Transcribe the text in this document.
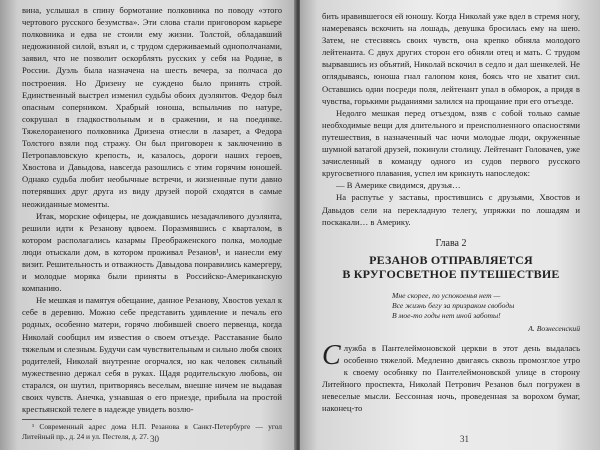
вина, услышал в спину бормотание полковника по поводу «этого чертового русского безумства». Эти слова стали приговором карьере полковника и едва не стоили ему жизни. Толстой, обладавший недюжинной силой, взъял и, с трудом сдерживаемый однополчанами, заявил, что не позволит оскорблять русских у себя на Родине, в России. Дуэль была назначена на шесть вечера, за полчаса до построения. Но Дризену не суждено было принять строй. Единственный выстрел изменил судьбы обоих дуэлянтов. Федор был опасным соперником. Храбрый юноша, вспыльчив по натуре, сокрушал в гладкоствольным и в сражении, и на поединке. Тяжелораненого полковника Дризена отнесли в лазарет, а Федора Толстого взяли под стражу. Он был приговорен к заключению в Петропавловскую крепость, и, казалось, дороги наших героев, Хвостова и Давыдова, навсегда разошлись с этим горячим юношей. Однако судьба любит необычные встречи, и жизненные пути давно потерявших друг друга из виду друзей порой сходятся в самые неожиданные моменты.

Итак, морские офицеры, не дождавшись незадачливого дуэлянта, решили идти к Резанову вдвоем. Поразмявшись с кварталом, в котором располагались казармы Преображенского полка, молодые люди отыскали дом, в котором проживал Резанов¹, и нанесли ему визит. Решительность и отважность Давыдова понравились камергеру, и молодые моряка были приняты в Российско-Американскую компанию.

Не мешкая и памятуя обещание, данное Резанову, Хвостов уехал к себе в деревню. Можно себе представить удивление и печаль его родных, особенно матери, горячо любившей своего первенца, когда Николай сообщил им известия о своем отъезде. Расставание было тяжелым и слезным. Будучи сам чувствительным и сильно любя своих родителей, Николай внутренне огорчался, но как человек сильный мужественно держал себя в руках. Щадя родительскую любовь, он старался, он шутил, притворяясь веселым, внешне ничем не выдавая своих чувств. Анечка, узнавшая о его приезде, прибыла на простой крестьянской телеге в надежде увидеть возлю-

¹ Современный адрес дома Н.П. Резанова в Санкт-Петербурге — угол Литейный пр., д. 24 и ул. Пестеля, д. 27. 30

бить нравившегося ей юношу. Когда Николай уже вдел в стремя ногу, намереваясь вскочить на лошадь, девушка бросилась ему на шею. Затем, не стесняясь своих чувств, она крепко обняла молодого лейтенанта. С двух других сторон его обняли отец и мать. С трудом вырвавшись из объятий, Николай вскочил в седло и дал шенкелей. Не оглядываясь, юноша гнал галопом коня, боясь что не хватит сил. Оставшись одни посреди поля, лейтенант упал в обморок, а придя в чувства, горькими рыданиями залился на прощание при его отъезде.

Недолго мешкая перед отъездом, взяв с собой только самые необходимые вещи для длительного и преисполненного опасностями путешествия, в назначенный час ночи молодые люди, окруженные шумной ватагой друзей, покинули столицу. Лейтенант Головачев, уже зачисленный в команду одного из судов первого русского кругосветного плавания, успел им крикнуть напоследок:

— В Америке свидимся, друзья…

На распутье у заставы, простившись с друзьями, Хвостов и Давыдов сели на перекладную телегу, упряжки по лошадям и поскакали… в Америку.

Глава 2
РЕЗАНОВ ОТПРАВЛЯЕТСЯ
В КРУГОСВЕТНОЕ ПУТЕШЕСТВИЕ
Мне скорее, по успокоенья нет —
Все жизнь бегу за призраком свободы
В мое-то годы нет иной заботы!
А. Вознесенский

Служба в Пантелеймоновской церкви в этот день выдалась особенно тяжелой. Медленно двигаясь сквозь промозглое утро к своему особняку по Пантелеймоновской улице в сторону Литейного проспекта, Николай Петрович Резанов был погружен в невеселые мысли. Бессонная ночь, проведенная за ворохом бумаг, наконец-то

31
